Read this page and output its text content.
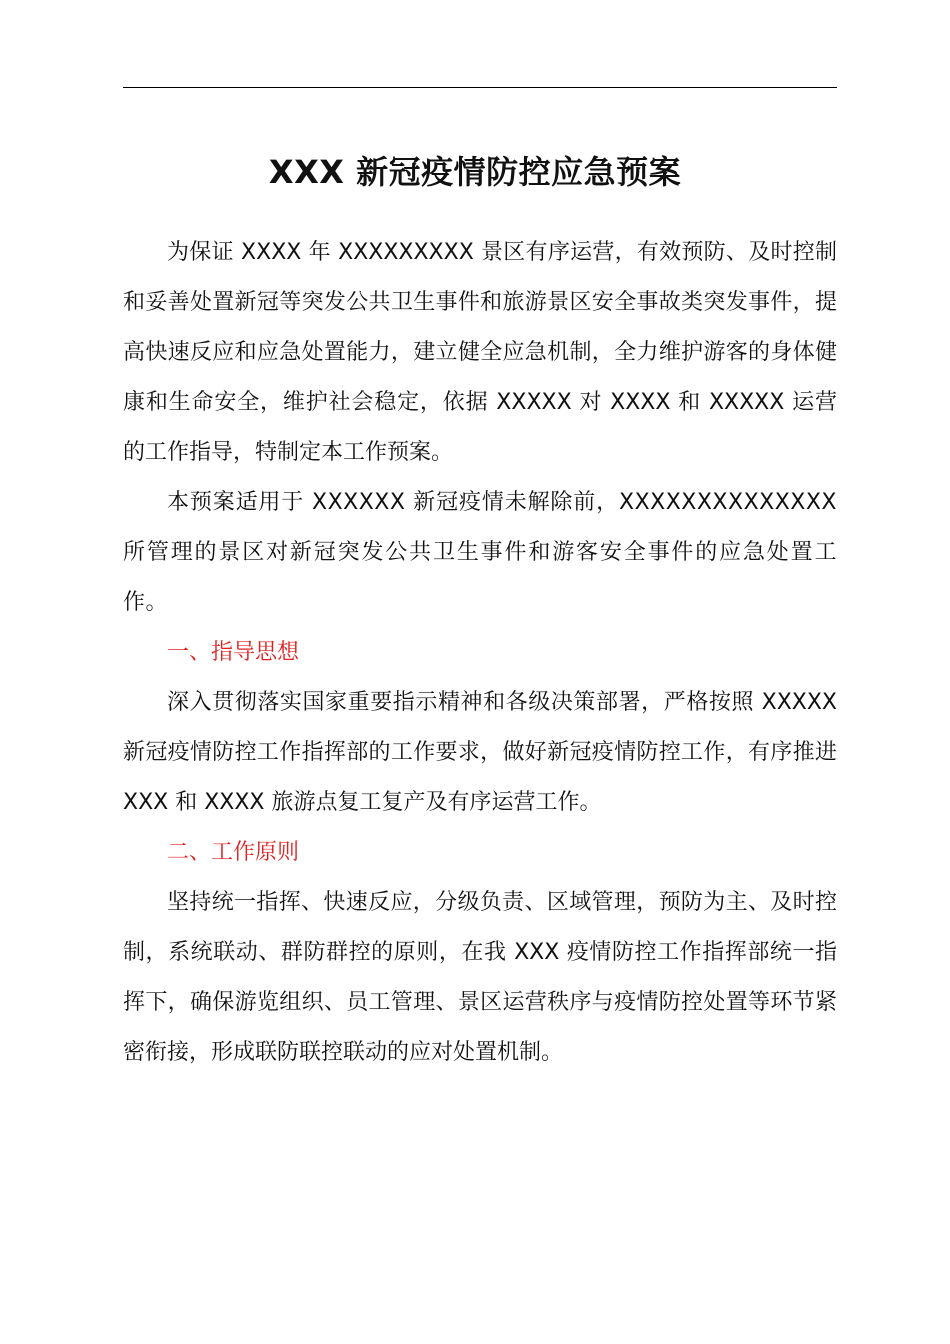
XXX 新冠疫情防控应急预案

为保证 XXXX 年 XXXXXXXXX 景区有序运营，有效预防、及时控制和妥善处置新冠等突发公共卫生事件和旅游景区安全事故类突发事件，提高快速反应和应急处置能力，建立健全应急机制，全力维护游客的身体健康和生命安全，维护社会稳定，依据 XXXXX 对 XXXX 和 XXXXX 运营的工作指导，特制定本工作预案。

本预案适用于 XXXXXX 新冠疫情未解除前，XXXXXXXXXXXXXX 所管理的景区对新冠突发公共卫生事件和游客安全事件的应急处置工作。

一、指导思想

深入贯彻落实国家重要指示精神和各级决策部署，严格按照 XXXXX 新冠疫情防控工作指挥部的工作要求，做好新冠疫情防控工作，有序推进 XXX 和 XXXX 旅游点复工复产及有序运营工作。

二、工作原则

坚持统一指挥、快速反应，分级负责、区域管理，预防为主、及时控制，系统联动、群防群控的原则，在我 XXX 疫情防控工作指挥部统一指挥下，确保游览组织、员工管理、景区运营秩序与疫情防控处置等环节紧密衔接，形成联防联控联动的应对处置机制。
